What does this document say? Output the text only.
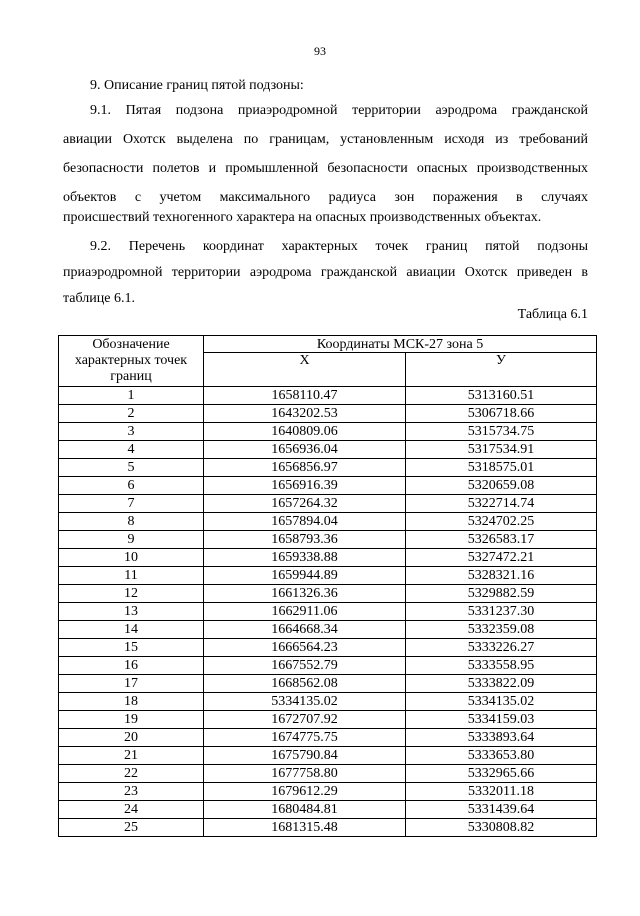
93

9. Описание границ пятой подзоны:

9.1. Пятая подзона приаэродромной территории аэродрома гражданской

авиации Охотск выделена по границам, установленным исходя из требований

безопасности полетов и промышленной безопасности опасных производственных

объектов с учетом максимального радиуса зон поражения в случаях

происшествий техногенного характера на опасных производственных объектах.

9.2. Перечень координат характерных точек границ пятой подзоны

приаэродромной территории аэродрома гражданской авиации Охотск приведен в

таблице 6.1.

Таблица 6.1
Обозначение характерных точек границ	Координаты МСК-27 зона 5	
	Х	У
1	1658110.47	5313160.51
2	1643202.53	5306718.66
3	1640809.06	5315734.75
4	1656936.04	5317534.91
5	1656856.97	5318575.01
6	1656916.39	5320659.08
7	1657264.32	5322714.74
8	1657894.04	5324702.25
9	1658793.36	5326583.17
10	1659338.88	5327472.21
11	1659944.89	5328321.16
12	1661326.36	5329882.59
13	1662911.06	5331237.30
14	1664668.34	5332359.08
15	1666564.23	5333226.27
16	1667552.79	5333558.95
17	1668562.08	5333822.09
18	5334135.02	5334135.02
19	1672707.92	5334159.03
20	1674775.75	5333893.64
21	1675790.84	5333653.80
22	1677758.80	5332965.66
23	1679612.29	5332011.18
24	1680484.81	5331439.64
25	1681315.48	5330808.82
